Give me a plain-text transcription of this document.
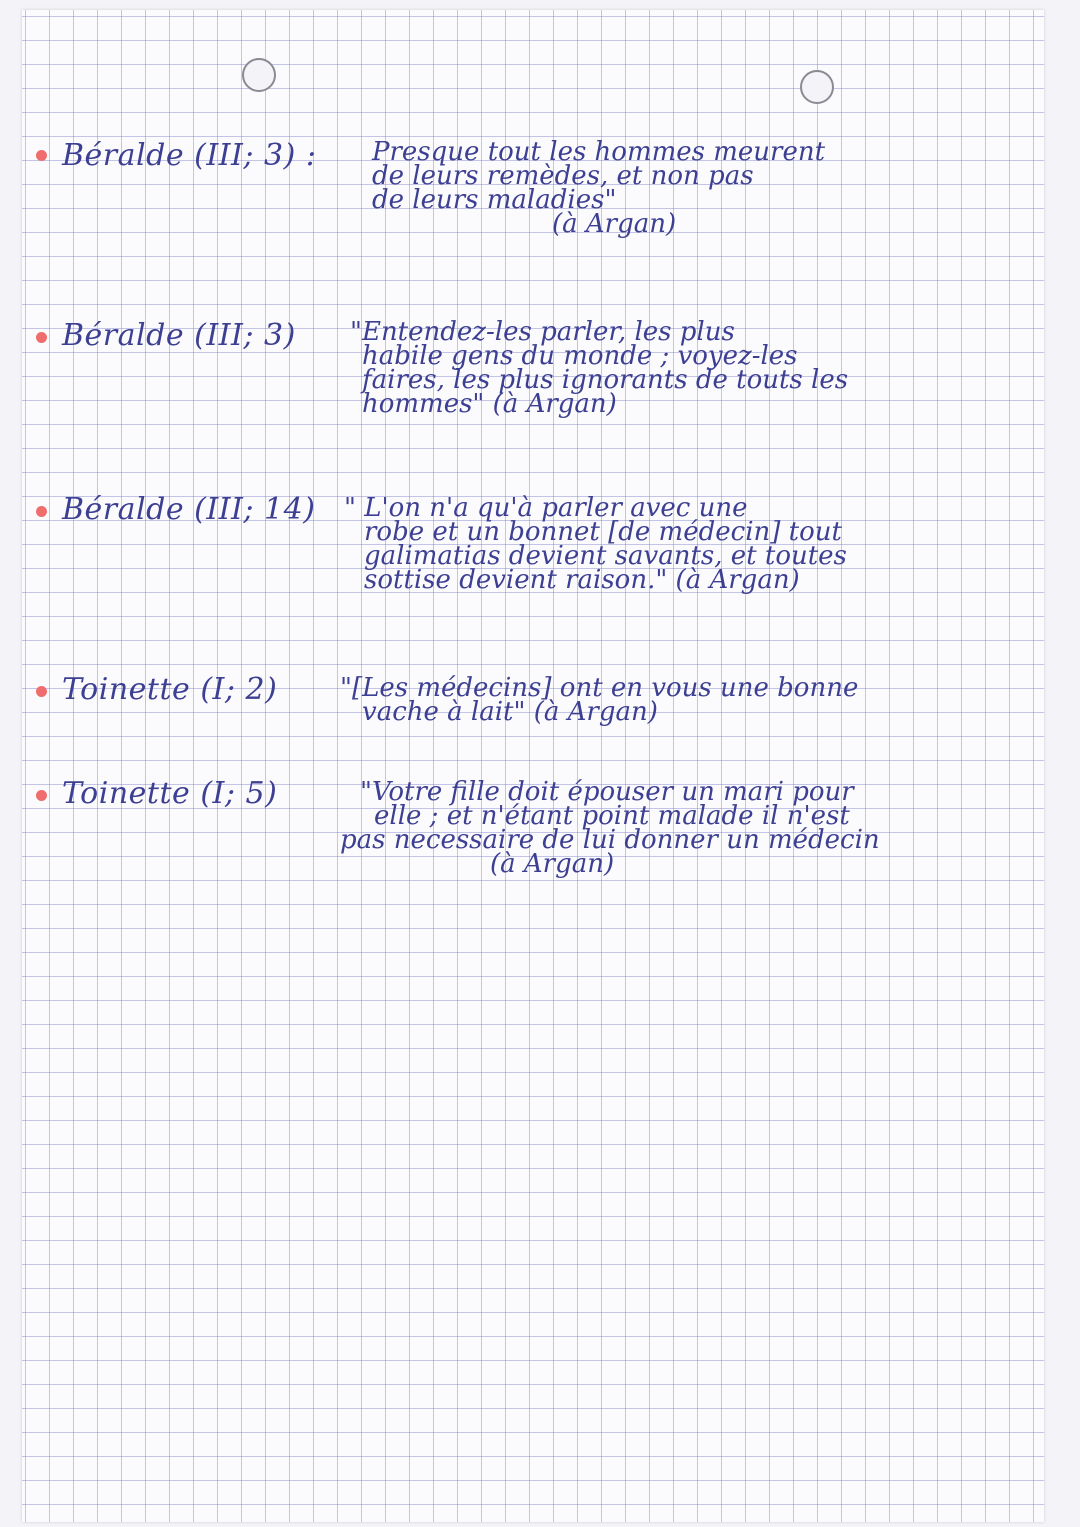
Béralde (III; 3) : Presque tout les hommes meurent
de leurs remèdes, et non pas
de leurs maladies"
(à Argan)
Béralde (III; 3)	"Entendez-les parler, les plus
habile gens du monde ; voyez-les
faires, les plus ignorants de touts les
hommes" (à Argan)
Béralde (III; 14) " L'on n'a qu'à parler avec une
robe et un bonnet [de médecin] tout
galimatias devient savants, et toutes
sottise devient raison." (à Argan)
Toinette (I; 2) "[Les médecins] ont en vous une bonne
vache à lait" (à Argan)
Toinette (I; 5)	"Votre fille doit épouser un mari pour
elle ; et n'étant point malade il n'est
pas necessaire de lui donner un médecin
(à Argan)
